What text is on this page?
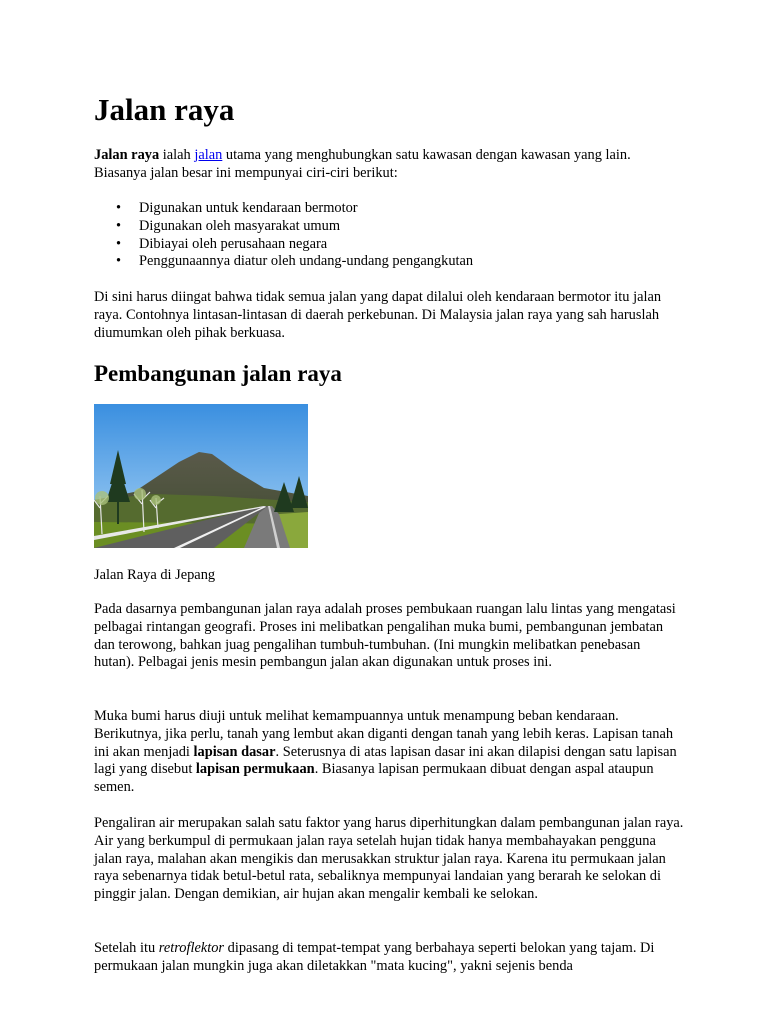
Jalan raya

Jalan raya ialah jalan utama yang menghubungkan satu kawasan dengan kawasan yang lain. Biasanya jalan besar ini mempunyai ciri-ciri berikut:

• Digunakan untuk kendaraan bermotor
• Digunakan oleh masyarakat umum
• Dibiayai oleh perusahaan negara
• Penggunaannya diatur oleh undang-undang pengangkutan

Di sini harus diingat bahwa tidak semua jalan yang dapat dilalui oleh kendaraan bermotor itu jalan raya. Contohnya lintasan-lintasan di daerah perkebunan. Di Malaysia jalan raya yang sah haruslah diumumkan oleh pihak berkuasa.

Pembangunan jalan raya

Jalan Raya di Jepang

Pada dasarnya pembangunan jalan raya adalah proses pembukaan ruangan lalu lintas yang mengatasi pelbagai rintangan geografi. Proses ini melibatkan pengalihan muka bumi, pembangunan jembatan dan terowong, bahkan juag pengalihan tumbuh-tumbuhan. (Ini mungkin melibatkan penebasan hutan). Pelbagai jenis mesin pembangun jalan akan digunakan untuk proses ini.

Muka bumi harus diuji untuk melihat kemampuannya untuk menampung beban kendaraan. Berikutnya, jika perlu, tanah yang lembut akan diganti dengan tanah yang lebih keras. Lapisan tanah ini akan menjadi lapisan dasar. Seterusnya di atas lapisan dasar ini akan dilapisi dengan satu lapisan lagi yang disebut lapisan permukaan. Biasanya lapisan permukaan dibuat dengan aspal ataupun semen.

Pengaliran air merupakan salah satu faktor yang harus diperhitungkan dalam pembangunan jalan raya. Air yang berkumpul di permukaan jalan raya setelah hujan tidak hanya membahayakan pengguna jalan raya, malahan akan mengikis dan merusakkan struktur jalan raya. Karena itu permukaan jalan raya sebenarnya tidak betul-betul rata, sebaliknya mempunyai landaian yang berarah ke selokan di pinggir jalan. Dengan demikian, air hujan akan mengalir kembali ke selokan.

Setelah itu retroflektor dipasang di tempat-tempat yang berbahaya seperti belokan yang tajam. Di permukaan jalan mungkin juga akan diletakkan "mata kucing", yakni sejenis benda
